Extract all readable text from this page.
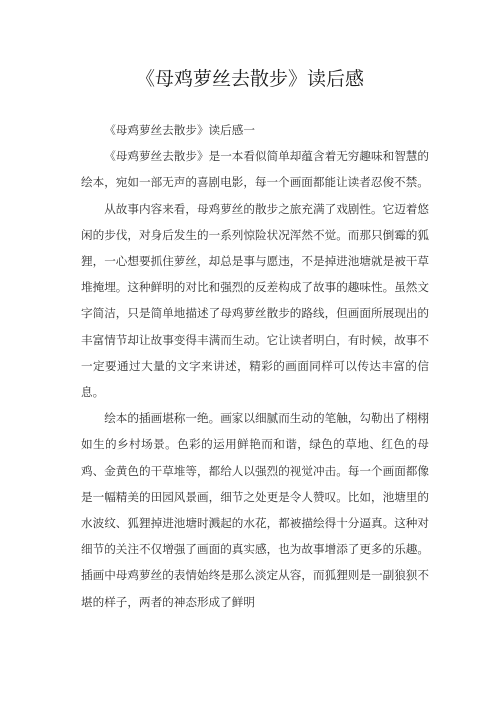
《母鸡萝丝去散步》读后感

《母鸡萝丝去散步》读后感一

《母鸡萝丝去散步》是一本看似简单却蕴含着无穷趣味和智慧的绘本，宛如一部无声的喜剧电影，每一个画面都能让读者忍俊不禁。

从故事内容来看，母鸡萝丝的散步之旅充满了戏剧性。它迈着悠闲的步伐，对身后发生的一系列惊险状况浑然不觉。而那只倒霉的狐狸，一心想要抓住萝丝，却总是事与愿违，不是掉进池塘就是被干草堆掩埋。这种鲜明的对比和强烈的反差构成了故事的趣味性。虽然文字简洁，只是简单地描述了母鸡萝丝散步的路线，但画面所展现出的丰富情节却让故事变得丰满而生动。它让读者明白，有时候，故事不一定要通过大量的文字来讲述，精彩的画面同样可以传达丰富的信息。

绘本的插画堪称一绝。画家以细腻而生动的笔触，勾勒出了栩栩如生的乡村场景。色彩的运用鲜艳而和谐，绿色的草地、红色的母鸡、金黄色的干草堆等，都给人以强烈的视觉冲击。每一个画面都像是一幅精美的田园风景画，细节之处更是令人赞叹。比如，池塘里的水波纹、狐狸掉进池塘时溅起的水花，都被描绘得十分逼真。这种对细节的关注不仅增强了画面的真实感，也为故事增添了更多的乐趣。插画中母鸡萝丝的表情始终是那么淡定从容，而狐狸则是一副狼狈不堪的样子，两者的神态形成了鲜明
